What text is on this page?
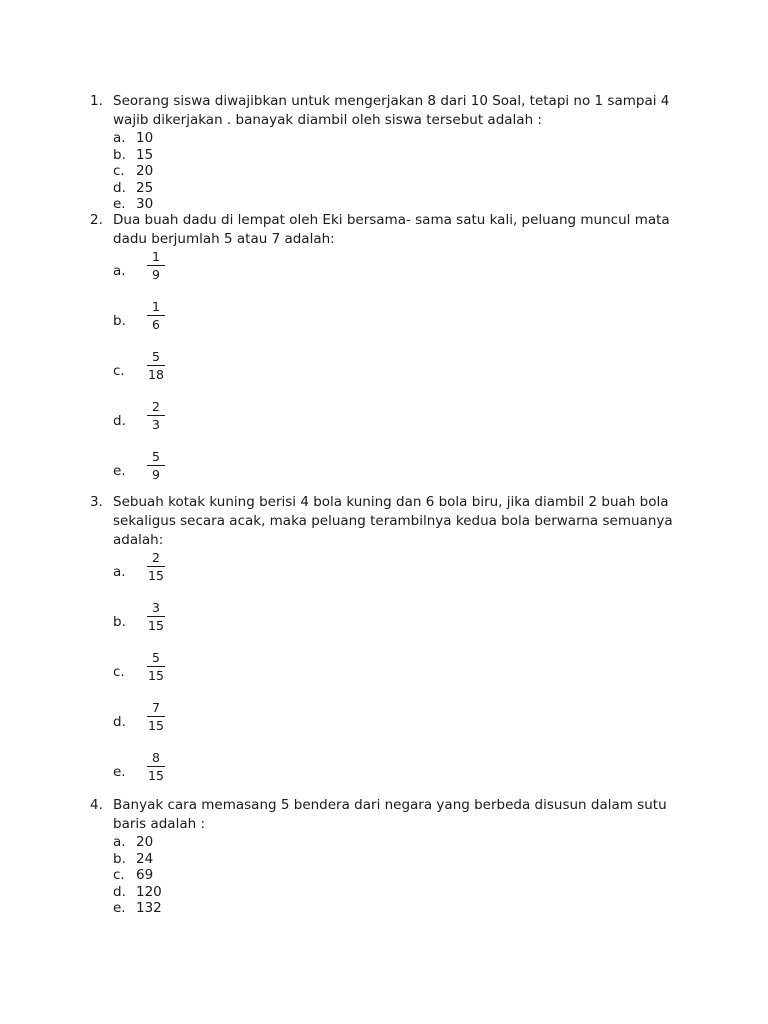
1. Seorang siswa diwajibkan untuk mengerjakan 8 dari 10 Soal, tetapi no 1 sampai 4 wajib dikerjakan . banayak diambil oleh siswa tersebut adalah :
a. 10
b. 15
c. 20
d. 25
e. 30
2. Dua buah dadu di lempat oleh Eki bersama- sama satu kali, peluang muncul mata dadu berjumlah 5 atau 7 adalah:
a.
1
9
b.
1
6
c.
5
18
d.
2
3
e.
5
9
3. Sebuah kotak kuning berisi 4 bola kuning dan 6 bola biru, jika diambil 2 buah bola sekaligus secara acak, maka peluang terambilnya kedua bola berwarna semuanya adalah:
a.
2
15
b.
3
15
c.
5
15
d.
7
15
e.
8
15
4. Banyak cara memasang 5 bendera dari negara yang berbeda disusun dalam sutu baris adalah :
a. 20
b. 24
c. 69
d. 120
e. 132
